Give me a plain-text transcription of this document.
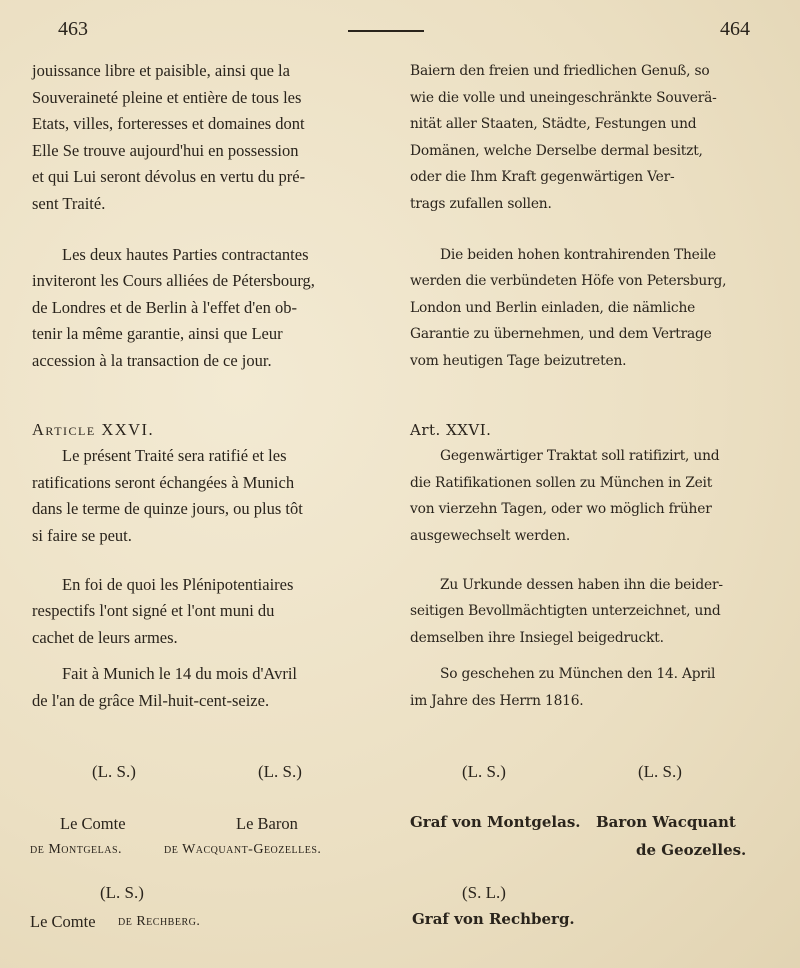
463	464

jouissance libre et paisible, ainsi que la
Souveraineté pleine et entière de tous les
Etats, villes, forteresses et domaines dont
Elle Se trouve aujourd'hui en possession
et qui Lui seront dévolus en vertu du pré-
sent Traité.

Les deux hautes Parties contractantes
inviteront les Cours alliées de Pétersbourg,
de Londres et de Berlin à l'effet d'en ob-
tenir la même garantie, ainsi que Leur
accession à la transaction de ce jour.

Article XXVI.

Le présent Traité sera ratifié et les
ratifications seront échangées à Munich
dans le terme de quinze jours, ou plus tôt
si faire se peut.

En foi de quoi les Plénipotentiaires
respectifs l'ont signé et l'ont muni du
cachet de leurs armes.

Fait à Munich le 14 du mois d'Avril
de l'an de grâce Mil-huit-cent-seize.

Baiern den freien und friedlichen Genuß, so
wie die volle und uneingeschränkte Souverä-
nität aller Staaten, Städte, Festungen und
Domänen, welche Derselbe dermal besitzt,
oder die Ihm Kraft gegenwärtigen Ver-
trags zufallen sollen.

Die beiden hohen kontrahirenden Theile
werden die verbündeten Höfe von Petersburg,
London und Berlin einladen, die nämliche
Garantie zu übernehmen, und dem Vertrage
vom heutigen Tage beizutreten.

Art. XXVI.

Gegenwärtiger Traktat soll ratifizirt, und
die Ratifikationen sollen zu München in Zeit
von vierzehn Tagen, oder wo möglich früher
ausgewechselt werden.

Zu Urkunde dessen haben ihn die beider-
seitigen Bevollmächtigten unterzeichnet, und
demselben ihre Insiegel beigedruckt.

So geschehen zu München den 14. April
im Jahre des Herrn 1816.

(L. S.)	(L. S.)	(L. S.)	(L. S.)
(L. S.)	(S. L.)
Le Comte
de Montgelas.
Le Baron
de Wacquant-Geozelles.
Le Comte de Rechberg.
Graf von Montgelas. Baron Wacquant
de Geozelles.
Graf von Rechberg.
